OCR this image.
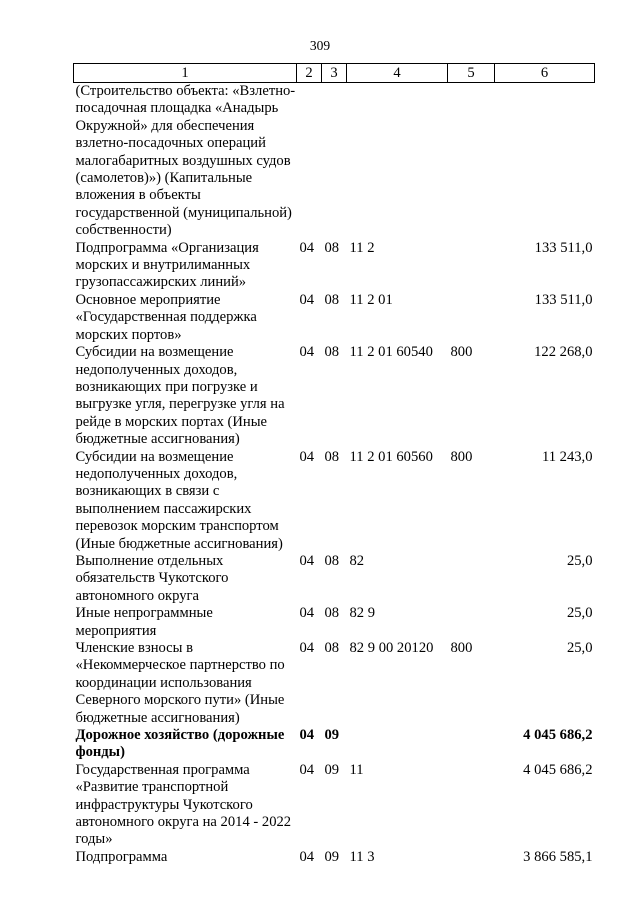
309
1	2	3	4	5	6
(Строительство объекта: «Взлетно-посадочная площадка «Анадырь Окружной» для обеспечения взлетно-посадочных операций малогабаритных воздушных судов (самолетов)») (Капитальные вложения в объекты государственной (муниципальной) собственности)					
Подпрограмма «Организация морских и внутрилиманных грузопассажирских линий»	04	08	11 2		133 511,0
Основное мероприятие «Государственная поддержка морских портов»	04	08	11 2 01		133 511,0
Субсидии на возмещение недополученных доходов, возникающих при погрузке и выгрузке угля, перегрузке угля на рейде в морских портах (Иные бюджетные ассигнования)	04	08	11 2 01 60540	800	122 268,0
Субсидии на возмещение недополученных доходов, возникающих в связи с выполнением пассажирских перевозок морским транспортом (Иные бюджетные ассигнования)	04	08	11 2 01 60560	800	11 243,0
Выполнение отдельных обязательств Чукотского автономного округа	04	08	82		25,0
Иные непрограммные мероприятия	04	08	82 9		25,0
Членские взносы в «Некоммерческое партнерство по координации использования Северного морского пути» (Иные бюджетные ассигнования)	04	08	82 9 00 20120	800	25,0
Дорожное хозяйство (дорожные фонды)	04	09			4 045 686,2
Государственная программа «Развитие транспортной инфраструктуры Чукотского автономного округа на 2014 - 2022 годы»	04	09	11		4 045 686,2
Подпрограмма	04	09	11 3		3 866 585,1
